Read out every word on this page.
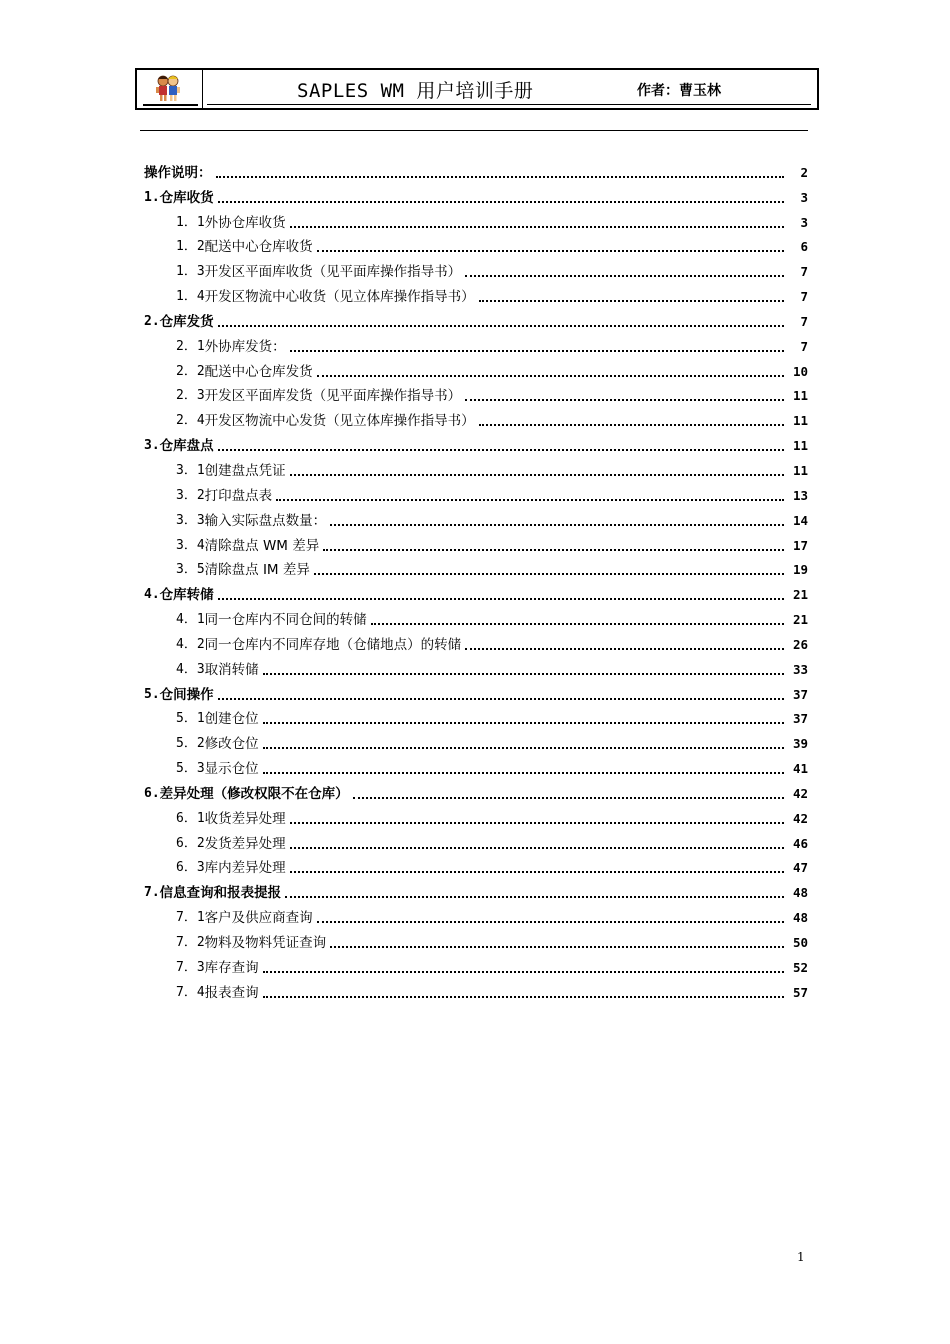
SAPLES WM 用户培训手册	作者：曹玉林
操作说明：	2
1. 仓库收货	3
1．1 外协仓库收货	3
1．2 配送中心仓库收货	6
1．3 开发区平面库收货（见平面库操作指导书）	7
1．4 开发区物流中心收货（见立体库操作指导书）	7
2. 仓库发货	7
2．1 外协库发货：	7
2．2 配送中心仓库发货	10
2．3 开发区平面库发货（见平面库操作指导书）	11
2．4 开发区物流中心发货（见立体库操作指导书）	11
3. 仓库盘点	11
3．1 创建盘点凭证	11
3．2 打印盘点表	13
3．3 输入实际盘点数量：	14
3．4 清除盘点 WM 差异	17
3．5 清除盘点 IM 差异	19
4. 仓库转储	21
4．1 同一仓库内不同仓间的转储	21
4．2 同一仓库内不同库存地（仓储地点）的转储	26
4．3 取消转储	33
5. 仓间操作	37
5．1 创建仓位	37
5．2 修改仓位	39
5．3 显示仓位	41
6. 差异处理（修改权限不在仓库）	42
6．1 收货差异处理	42
6．2 发货差异处理	46
6．3 库内差异处理	47
7. 信息查询和报表提报	48
7．1 客户及供应商查询	48
7．2 物料及物料凭证查询	50
7．3 库存查询	52
7．4 报表查询	57
1
